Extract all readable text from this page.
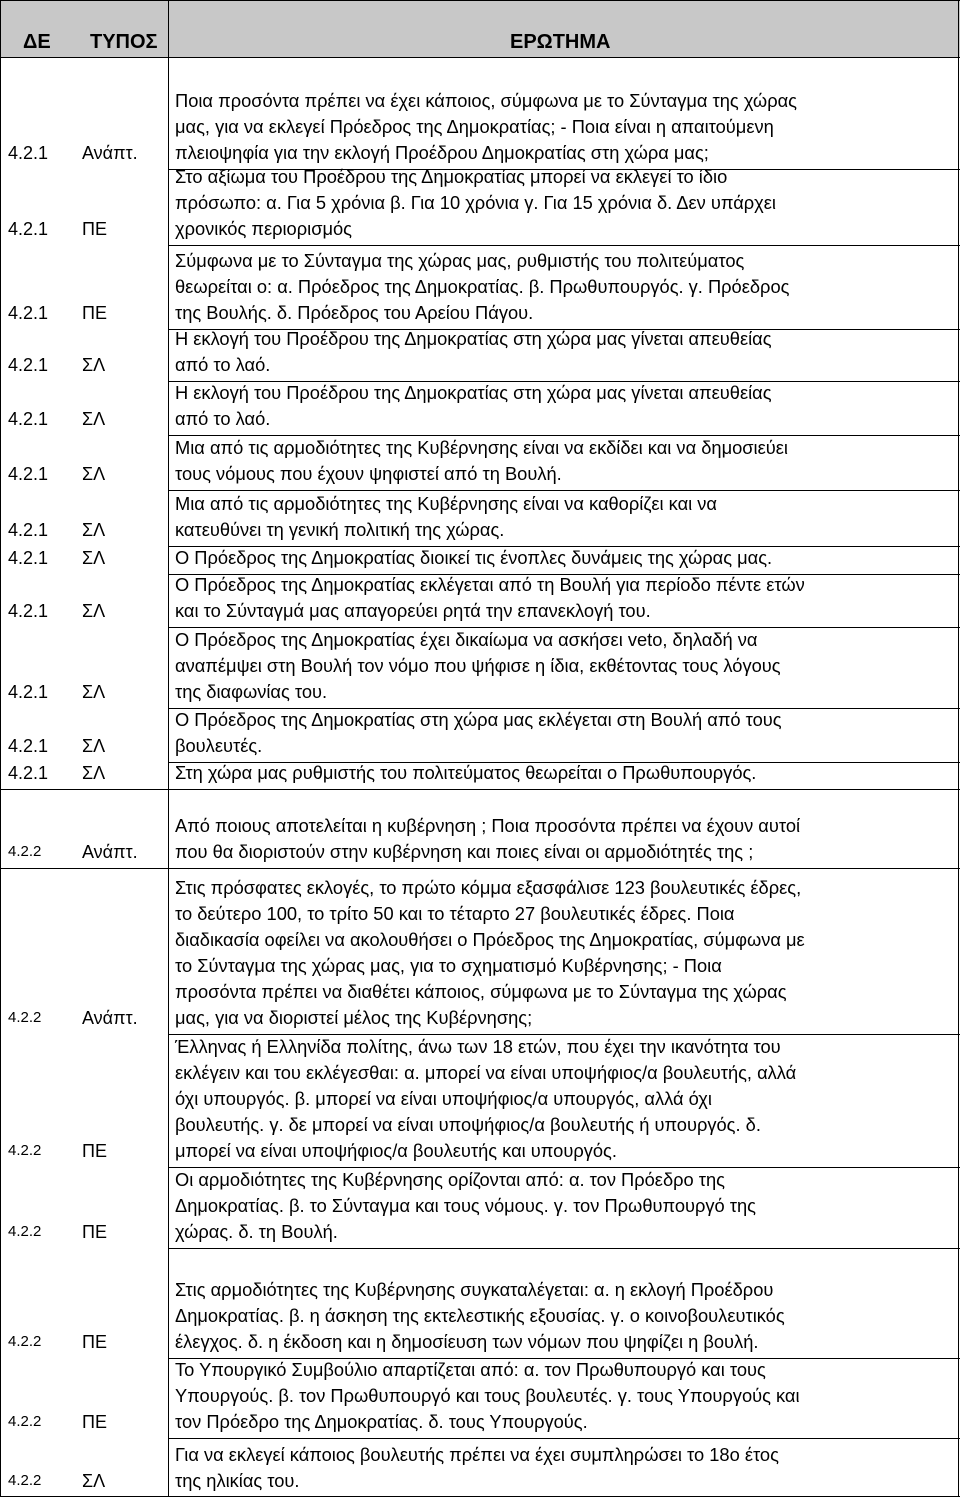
ΔΕ ΤΥΠΟΣ	ΕΡΩΤΗΜΑ
4.2.1 Ανάπτ.
Ποια προσόντα πρέπει να έχει κάποιος, σύμφωνα με το Σύνταγμα της χώρας
μας, για να εκλεγεί Πρόεδρος της Δημοκρατίας; - Ποια είναι η απαιτούμενη
πλειοψηφία για την εκλογή Προέδρου Δημοκρατίας στη χώρα μας;
4.2.1 ΠΕ
Στο αξίωμα του Προέδρου της Δημοκρατίας μπορεί να εκλεγεί το ίδιο
πρόσωπο: α. Για 5 χρόνια β. Για 10 χρόνια γ. Για 15 χρόνια δ. Δεν υπάρχει
χρονικός περιορισμός
4.2.1 ΠΕ
Σύμφωνα με το Σύνταγμα της χώρας μας, ρυθμιστής του πολιτεύματος
θεωρείται ο: α. Πρόεδρος της Δημοκρατίας. β. Πρωθυπουργός. γ. Πρόεδρος
της Βουλής. δ. Πρόεδρος του Αρείου Πάγου.
4.2.1 ΣΛ
Η εκλογή του Προέδρου της Δημοκρατίας στη χώρα μας γίνεται απευθείας
από το λαό.
4.2.1 ΣΛ
Η εκλογή του Προέδρου της Δημοκρατίας στη χώρα μας γίνεται απευθείας
από το λαό.
4.2.1 ΣΛ
Μια από τις αρμοδιότητες της Κυβέρνησης είναι να εκδίδει και να δημοσιεύει
τους νόμους που έχουν ψηφιστεί από τη Βουλή.
4.2.1 ΣΛ
Μια από τις αρμοδιότητες της Κυβέρνησης είναι να καθορίζει και να
κατευθύνει τη γενική πολιτική της χώρας.
4.2.1 ΣΛ	Ο Πρόεδρος της Δημοκρατίας διοικεί τις ένοπλες δυνάμεις της χώρας μας.
4.2.1 ΣΛ
Ο Πρόεδρος της Δημοκρατίας εκλέγεται από τη Βουλή για περίοδο πέντε ετών
και το Σύνταγμά μας απαγορεύει ρητά την επανεκλογή του.
4.2.1 ΣΛ
Ο Πρόεδρος της Δημοκρατίας έχει δικαίωμα να ασκήσει veto, δηλαδή να
αναπέμψει στη Βουλή τον νόμο που ψήφισε η ίδια, εκθέτοντας τους λόγους
της διαφωνίας του.
4.2.1 ΣΛ
Ο Πρόεδρος της Δημοκρατίας στη χώρα μας εκλέγεται στη Βουλή από τους
βουλευτές.
4.2.1 ΣΛ	Στη χώρα μας ρυθμιστής του πολιτεύματος θεωρείται ο Πρωθυπουργός.
4.2.2 Ανάπτ.
Από ποιους αποτελείται η κυβέρνηση ; Ποια προσόντα πρέπει να έχουν αυτοί
που θα διοριστούν στην κυβέρνηση και ποιες είναι οι αρμοδιότητές της ;
4.2.2 Ανάπτ.
Στις πρόσφατες εκλογές, το πρώτο κόμμα εξασφάλισε 123 βουλευτικές έδρες,
το δεύτερο 100, το τρίτο 50 και το τέταρτο 27 βουλευτικές έδρες. Ποια
διαδικασία οφείλει να ακολουθήσει ο Πρόεδρος της Δημοκρατίας, σύμφωνα με
το Σύνταγμα της χώρας μας, για το σχηματισμό Κυβέρνησης; - Ποια
προσόντα πρέπει να διαθέτει κάποιος, σύμφωνα με το Σύνταγμα της χώρας
μας, για να διοριστεί μέλος της Κυβέρνησης;
4.2.2 ΠΕ
Έλληνας ή Ελληνίδα πολίτης, άνω των 18 ετών, που έχει την ικανότητα του
εκλέγειν και του εκλέγεσθαι: α. μπορεί να είναι υποψήφιος/α βουλευτής, αλλά
όχι υπουργός. β. μπορεί να είναι υποψήφιος/α υπουργός, αλλά όχι
βουλευτής. γ. δε μπορεί να είναι υποψήφιος/α βουλευτής ή υπουργός. δ.
μπορεί να είναι υποψήφιος/α βουλευτής και υπουργός.
4.2.2 ΠΕ
Οι αρμοδιότητες της Κυβέρνησης ορίζονται από: α. τον Πρόεδρο της
Δημοκρατίας. β. το Σύνταγμα και τους νόμους. γ. τον Πρωθυπουργό της
χώρας. δ. τη Βουλή.
4.2.2 ΠΕ
Στις αρμοδιότητες της Κυβέρνησης συγκαταλέγεται: α. η εκλογή Προέδρου
Δημοκρατίας. β. η άσκηση της εκτελεστικής εξουσίας. γ. ο κοινοβουλευτικός
έλεγχος. δ. η έκδοση και η δημοσίευση των νόμων που ψηφίζει η βουλή.
4.2.2 ΠΕ
Το Υπουργικό Συμβούλιο απαρτίζεται από: α. τον Πρωθυπουργό και τους
Υπουργούς. β. τον Πρωθυπουργό και τους βουλευτές. γ. τους Υπουργούς και
τον Πρόεδρο της Δημοκρατίας. δ. τους Υπουργούς.
4.2.2 ΣΛ
Για να εκλεγεί κάποιος βουλευτής πρέπει να έχει συμπληρώσει το 18ο έτος
της ηλικίας του.
